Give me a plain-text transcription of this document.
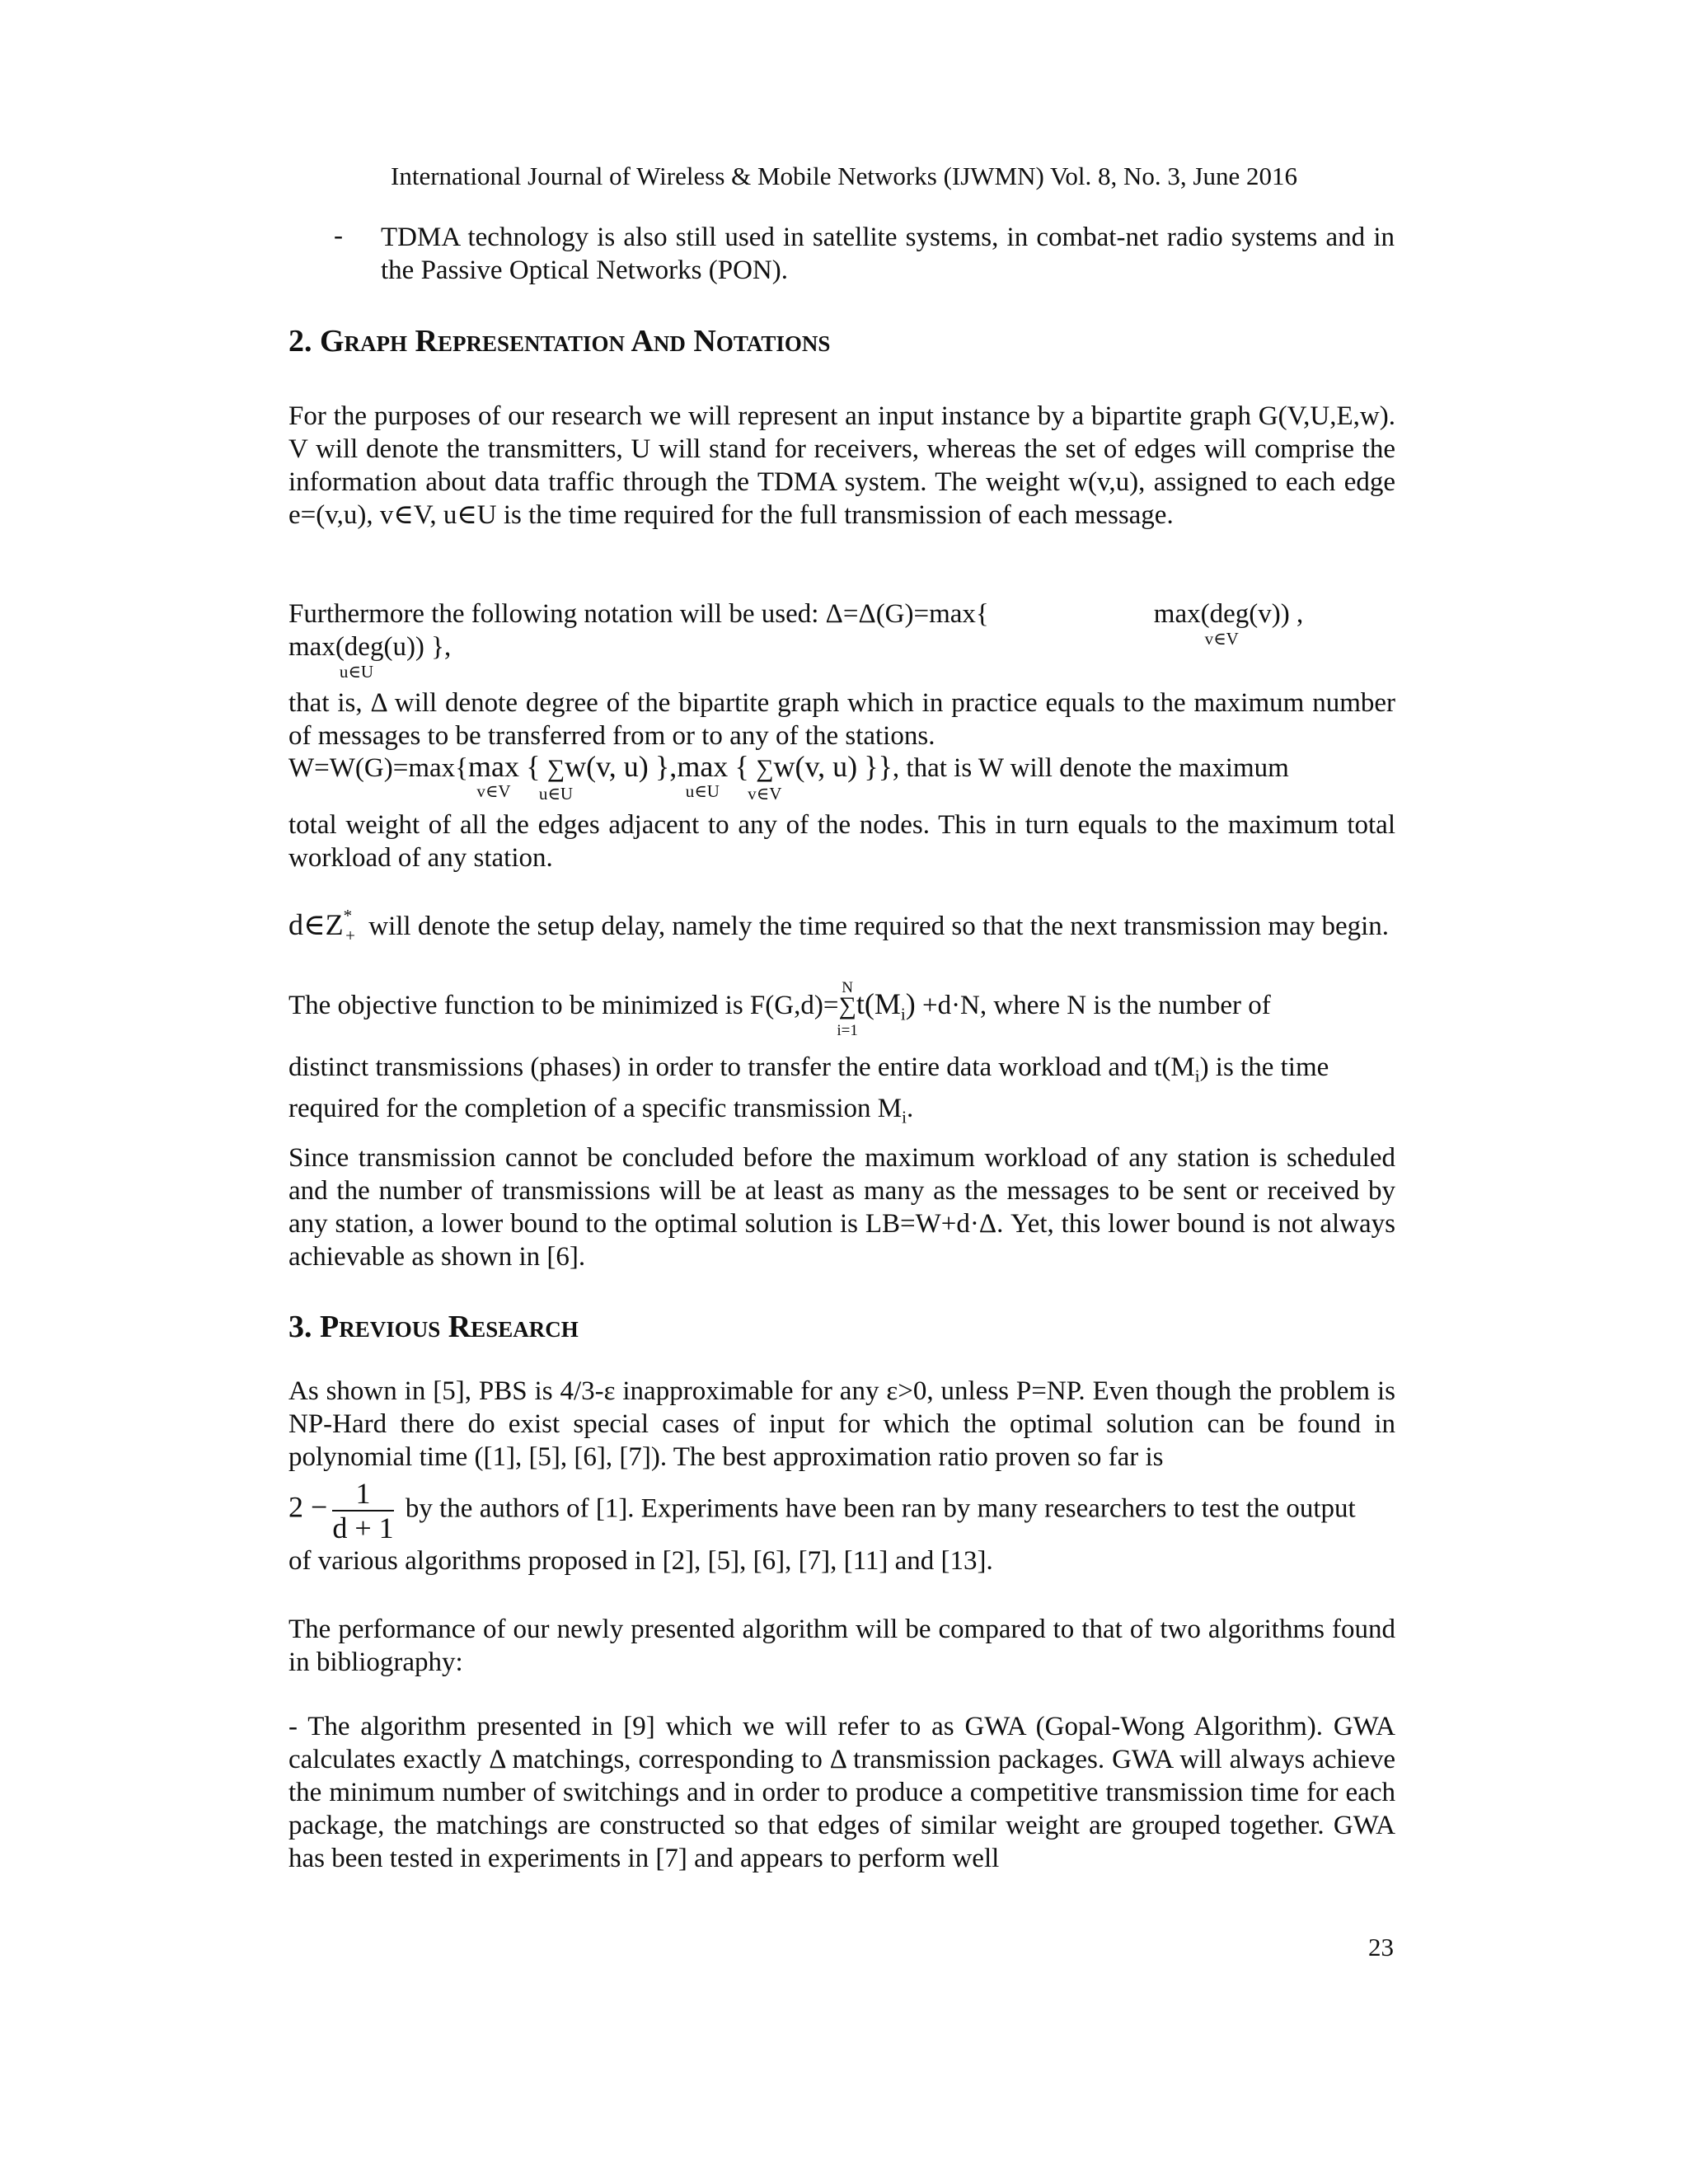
International Journal of Wireless & Mobile Networks (IJWMN) Vol. 8, No. 3, June 2016
- TDMA technology is also still used in satellite systems, in combat-net radio systems and in the Passive Optical Networks (PON).
2. Graph Representation And Notations

For the purposes of our research we will represent an input instance by a bipartite graph G(V,U,E,w). V will denote the transmitters, U will stand for receivers, whereas the set of edges will comprise the information about data traffic through the TDMA system. The weight w(v,u), assigned to each edge e=(v,u), v∈V, u∈U is the time required for the full transmission of each message.

Furthermore the following notation will be used: Δ=Δ(G)=max{	max(deg(v))
v∈V
, max(deg(u))
u∈U
},

that is, Δ will denote degree of the bipartite graph which in practice equals to the maximum number of messages to be transferred from or to any of the stations.

W=W(G)=max{max
v∈V
{ ∑
u∈U
w(v, u) },max
u∈U
{ ∑
v∈V
w(v, u) }}, that is W will denote the maximum

total weight of all the edges adjacent to any of the nodes. This in turn equals to the maximum total workload of any station.

$d\in Z^*_+$ will denote the setup delay, namely the time required so that the next transmission may begin.

The objective function to be minimized is F(G,d)=
N
∑
i=1
$t(M_i) +d\cdot N$, where N is the number of

distinct transmissions (phases) in order to transfer the entire data workload and $t(M_i)$ is the time

required for the completion of a specific transmission $M_i$.

Since transmission cannot be concluded before the maximum workload of any station is scheduled and the number of transmissions will be at least as many as the messages to be sent or received by any station, a lower bound to the optimal solution is LB=W+d·Δ. Yet, this lower bound is not always achievable as shown in [6].

3. Previous Research

As shown in [5], PBS is 4/3-ε inapproximable for any ε>0, unless P=NP. Even though the problem is NP-Hard there do exist special cases of input for which the optimal solution can be found in polynomial time ([1], [5], [6], [7]). The best approximation ratio proven so far is

$2 - \frac{1}{d + 1}$ by the authors of [1]. Experiments have been ran by many researchers to test the output

of various algorithms proposed in [2], [5], [6], [7], [11] and [13].

The performance of our newly presented algorithm will be compared to that of two algorithms found in bibliography:

- The algorithm presented in [9] which we will refer to as GWA (Gopal-Wong Algorithm). GWA calculates exactly Δ matchings, corresponding to Δ transmission packages. GWA will always achieve the minimum number of switchings and in order to produce a competitive transmission time for each package, the matchings are constructed so that edges of similar weight are grouped together. GWA has been tested in experiments in [7] and appears to perform well

23
